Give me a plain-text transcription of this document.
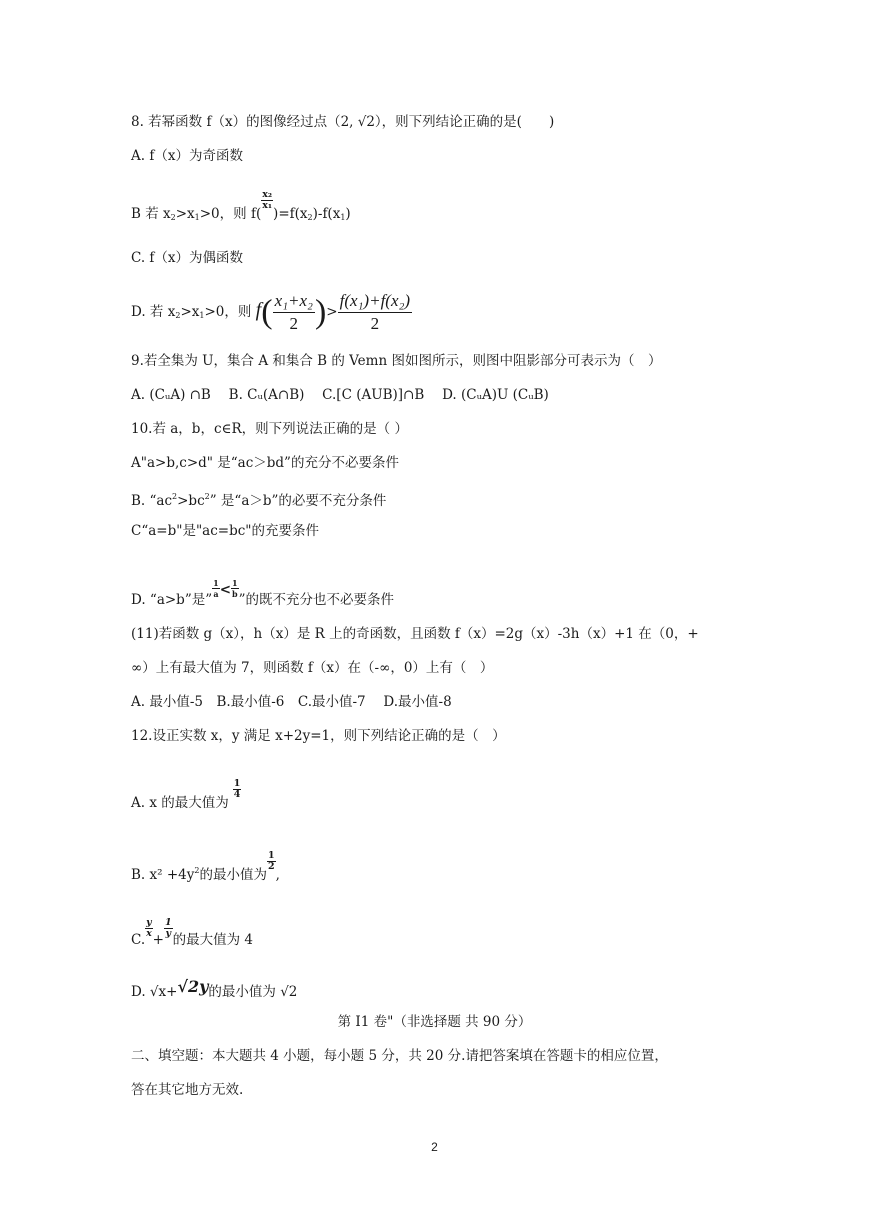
8. 若幂函数 f（x）的图像经过点（2, √2），则下列结论正确的是(　　)
A. f（x）为奇函数
B 若 $x_2>x_1>0$，则 f(
$\frac{\text{x₂}}{\text{x₁}}$
)$=f(x_2)-f(x_1)$
C. f（x）为偶函数
D. 若 $x_2>x_1>0$，则 $f( \frac{\text{x₁+x₂}}{2}$ )> $\frac{\text{f(x₁)+f(x₂)}}{2}$
9.若全集为 U，集合 A 和集合 B 的 Vemn 图如图所示，则图中阻影部分可表示为（　）
A. (CᵤA) ∩B　 B. Cᵤ(A∩B)　 C.[C (AUB)]∩B　 D. (CᵤA)U (CᵤB)
10.若 a，b，c∈R，则下列说法正确的是（ ）
A"a>b,c>d" 是“ac＞bd”的充分不必要条件
B. “$ac^2>bc^2$” 是“a＞b”的必要不充分条件
C“a=b"是"ac=bc"的充要条件
D. “a>b”是”
$\frac{1}{a} < \frac{1}{b}$
”的既不充分也不必要条件
(11)若函数 g（x），h（x）是 R 上的奇函数，且函数 f（x）=2g（x）-3h（x）+1 在（0，+
∞）上有最大值为 7，则函数 f（x）在（-∞，0）上有（　）
A. 最小值-5　B.最小值-6　C.最小值-7　 D.最小值-8
12.设正实数 x，y 满足 x+2y=1，则下列结论正确的是（　）
A. x 的最大值为
$\frac{1}{4}$
B. $x^2 +4y^2$的最小值为
$\frac{1}{2}$
,
C.
$\frac{y}{x}$
+
$\frac{1}{y}$
的最大值为 4
D. √x+√2y的最小值为 √2
第 I1 卷"（非选择题 共 90 分）
二、填空题：本大题共 4 小题，每小题 5 分，共 20 分.请把答案填在答题卡的相应位置，
答在其它地方无效.
2
